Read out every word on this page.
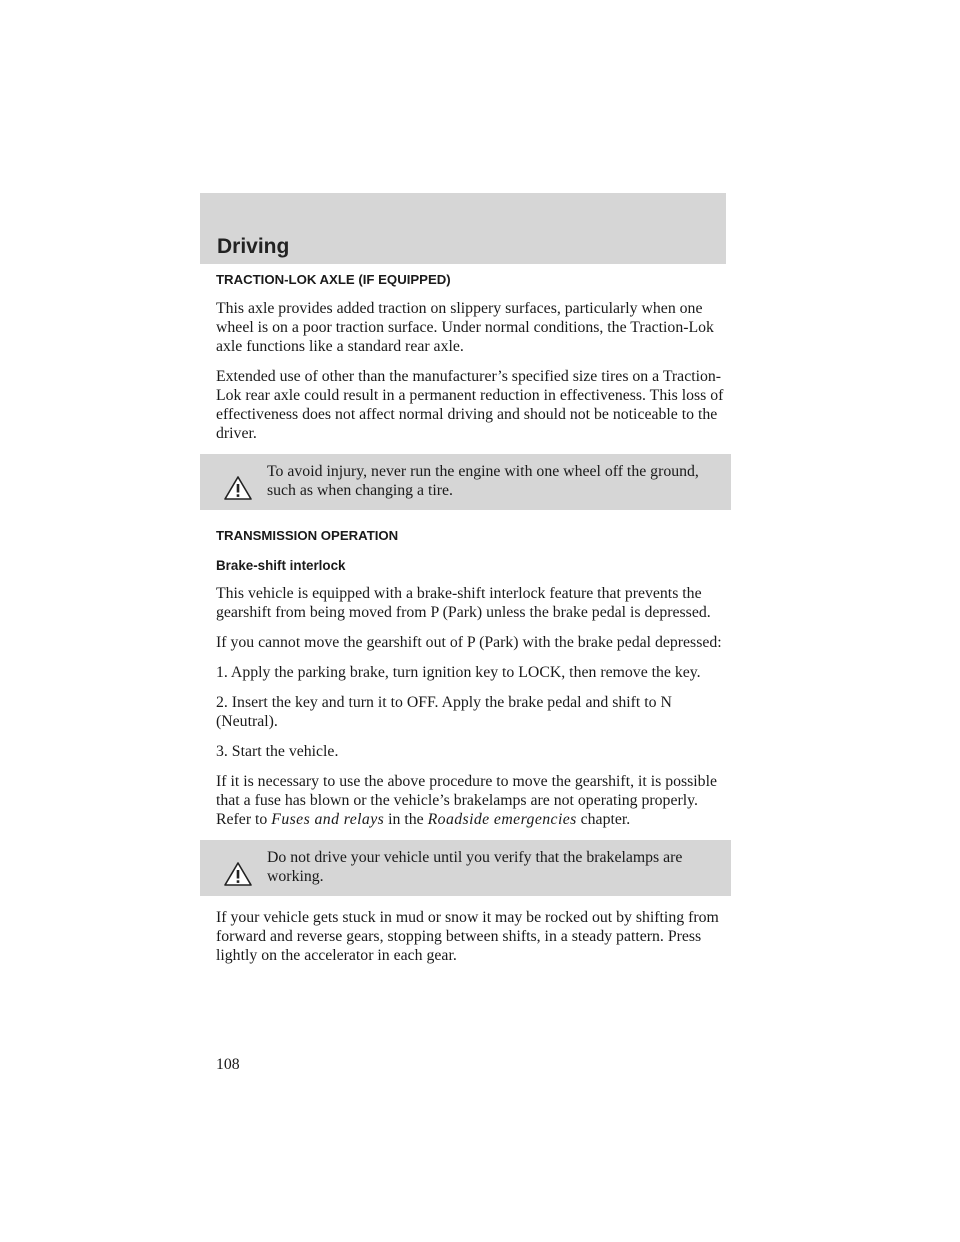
Driving
TRACTION-LOK AXLE (IF EQUIPPED)

This axle provides added traction on slippery surfaces, particularly when one wheel is on a poor traction surface. Under normal conditions, the Traction-Lok axle functions like a standard rear axle.

Extended use of other than the manufacturer’s specified size tires on a Traction-Lok rear axle could result in a permanent reduction in effectiveness. This loss of effectiveness does not affect normal driving and should not be noticeable to the driver.

To avoid injury, never run the engine with one wheel off the ground, such as when changing a tire.

TRANSMISSION OPERATION
Brake-shift interlock

This vehicle is equipped with a brake-shift interlock feature that prevents the gearshift from being moved from P (Park) unless the brake pedal is depressed.

If you cannot move the gearshift out of P (Park) with the brake pedal depressed:

1. Apply the parking brake, turn ignition key to LOCK, then remove the key.

2. Insert the key and turn it to OFF. Apply the brake pedal and shift to N (Neutral).

3. Start the vehicle.

If it is necessary to use the above procedure to move the gearshift, it is possible that a fuse has blown or the vehicle’s brakelamps are not operating properly. Refer to Fuses and relays in the Roadside emergencies chapter.

Do not drive your vehicle until you verify that the brakelamps are working.

If your vehicle gets stuck in mud or snow it may be rocked out by shifting from forward and reverse gears, stopping between shifts, in a steady pattern. Press lightly on the accelerator in each gear.

108
